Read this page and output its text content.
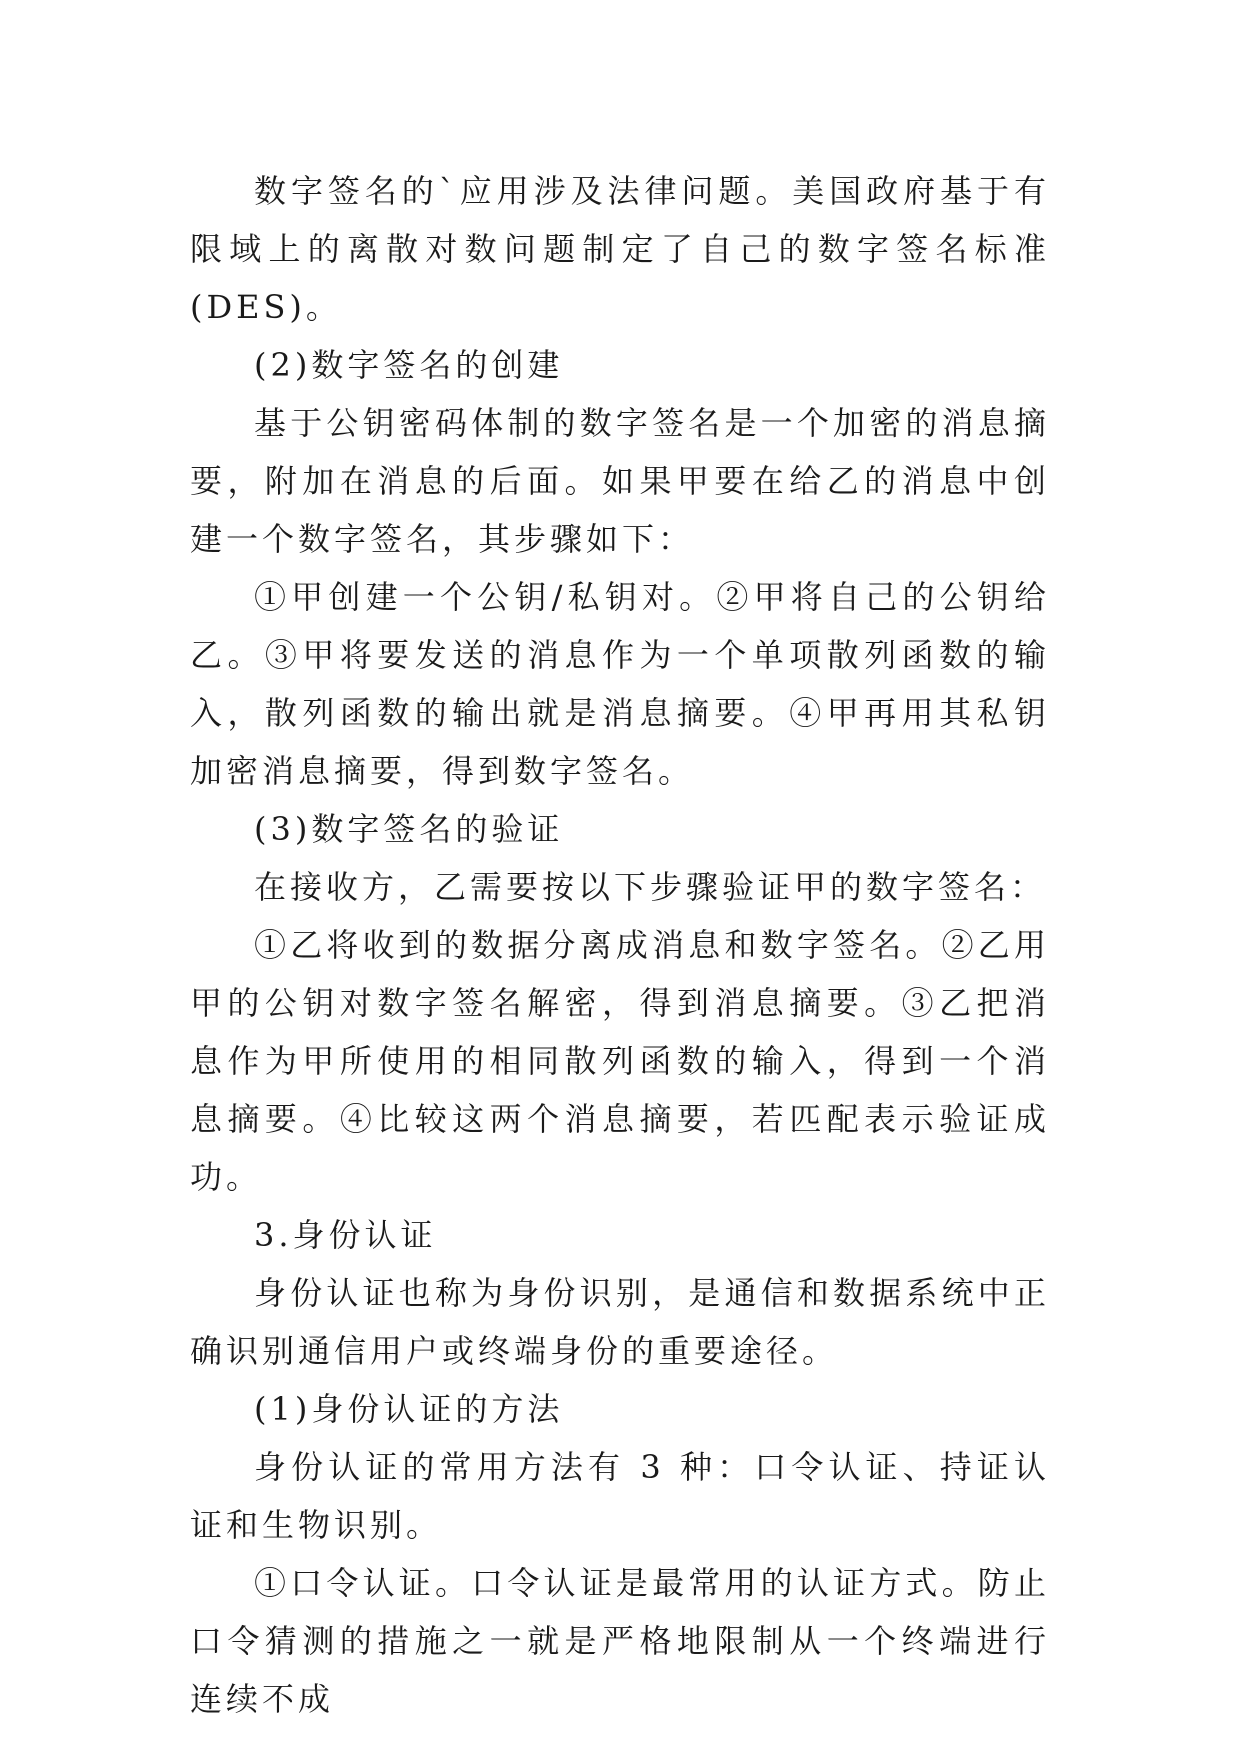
数字签名的`应用涉及法律问题。美国政府基于有限域上的离散对数问题制定了自己的数字签名标准(DES)。

(2)数字签名的创建

基于公钥密码体制的数字签名是一个加密的消息摘要，附加在消息的后面。如果甲要在给乙的消息中创建一个数字签名，其步骤如下：

①甲创建一个公钥/私钥对。②甲将自己的公钥给乙。③甲将要发送的消息作为一个单项散列函数的输入，散列函数的输出就是消息摘要。④甲再用其私钥加密消息摘要，得到数字签名。

(3)数字签名的验证

在接收方，乙需要按以下步骤验证甲的数字签名：

①乙将收到的数据分离成消息和数字签名。②乙用甲的公钥对数字签名解密，得到消息摘要。③乙把消息作为甲所使用的相同散列函数的输入，得到一个消息摘要。④比较这两个消息摘要，若匹配表示验证成功。

3.身份认证

身份认证也称为身份识别，是通信和数据系统中正确识别通信用户或终端身份的重要途径。

(1)身份认证的方法

身份认证的常用方法有 3 种：口令认证、持证认证和生物识别。

①口令认证。口令认证是最常用的认证方式。防止口令猜测的措施之一就是严格地限制从一个终端进行连续不成
